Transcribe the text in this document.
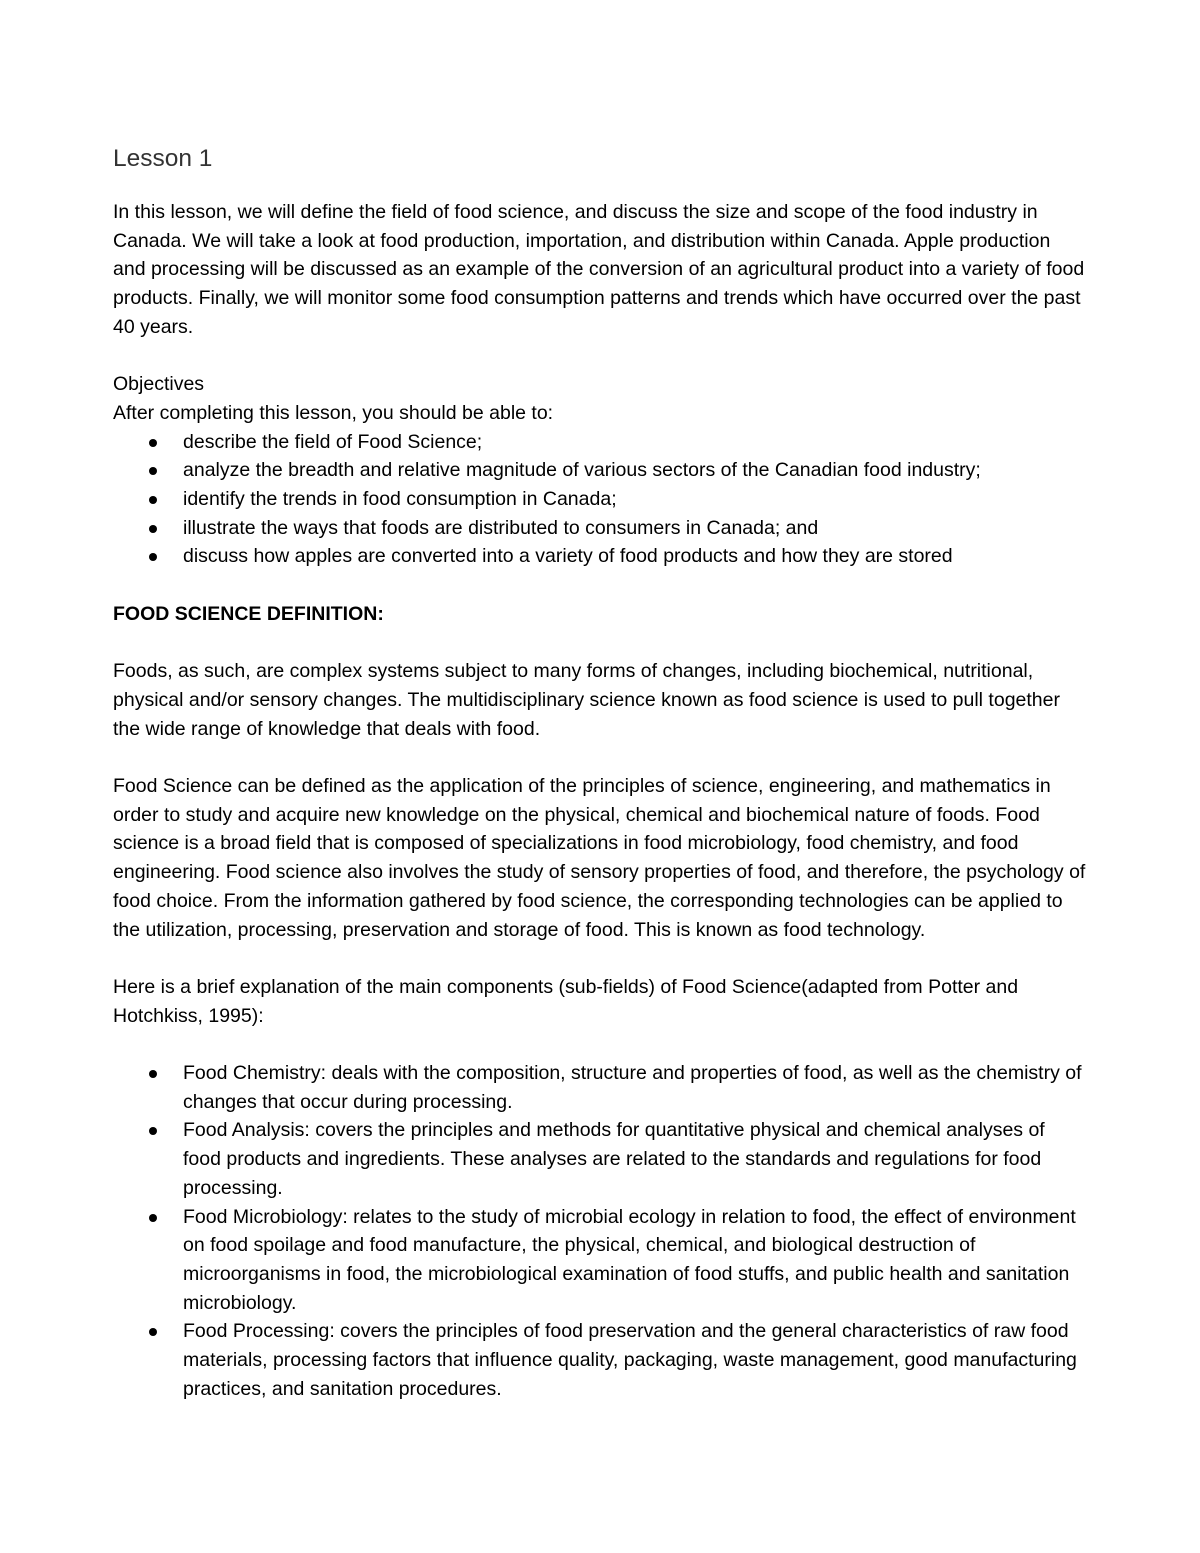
Lesson 1

In this lesson, we will define the field of food science, and discuss the size and scope of the food industry in Canada. We will take a look at food production, importation, and distribution within Canada. Apple production and processing will be discussed as an example of the conversion of an agricultural product into a variety of food products. Finally, we will monitor some food consumption patterns and trends which have occurred over the past 40 years.

Objectives

After completing this lesson, you should be able to:

describe the field of Food Science;
analyze the breadth and relative magnitude of various sectors of the Canadian food industry;
identify the trends in food consumption in Canada;
illustrate the ways that foods are distributed to consumers in Canada; and
discuss how apples are converted into a variety of food products and how they are stored

FOOD SCIENCE DEFINITION:

Foods, as such, are complex systems subject to many forms of changes, including biochemical, nutritional, physical and/or sensory changes. The multidisciplinary science known as food science is used to pull together the wide range of knowledge that deals with food.

Food Science can be defined as the application of the principles of science, engineering, and mathematics in order to study and acquire new knowledge on the physical, chemical and biochemical nature of foods. Food science is a broad field that is composed of specializations in food microbiology, food chemistry, and food engineering. Food science also involves the study of sensory properties of food, and therefore, the psychology of food choice. From the information gathered by food science, the corresponding technologies can be applied to the utilization, processing, preservation and storage of food. This is known as food technology.

Here is a brief explanation of the main components (sub-fields) of Food Science(adapted from Potter and Hotchkiss, 1995):

Food Chemistry: deals with the composition, structure and properties of food, as well as the chemistry of changes that occur during processing.
Food Analysis: covers the principles and methods for quantitative physical and chemical analyses of food products and ingredients. These analyses are related to the standards and regulations for food processing.
Food Microbiology: relates to the study of microbial ecology in relation to food, the effect of environment on food spoilage and food manufacture, the physical, chemical, and biological destruction of microorganisms in food, the microbiological examination of food stuffs, and public health and sanitation microbiology.
Food Processing: covers the principles of food preservation and the general characteristics of raw food materials, processing factors that influence quality, packaging, waste management, good manufacturing practices, and sanitation procedures.
